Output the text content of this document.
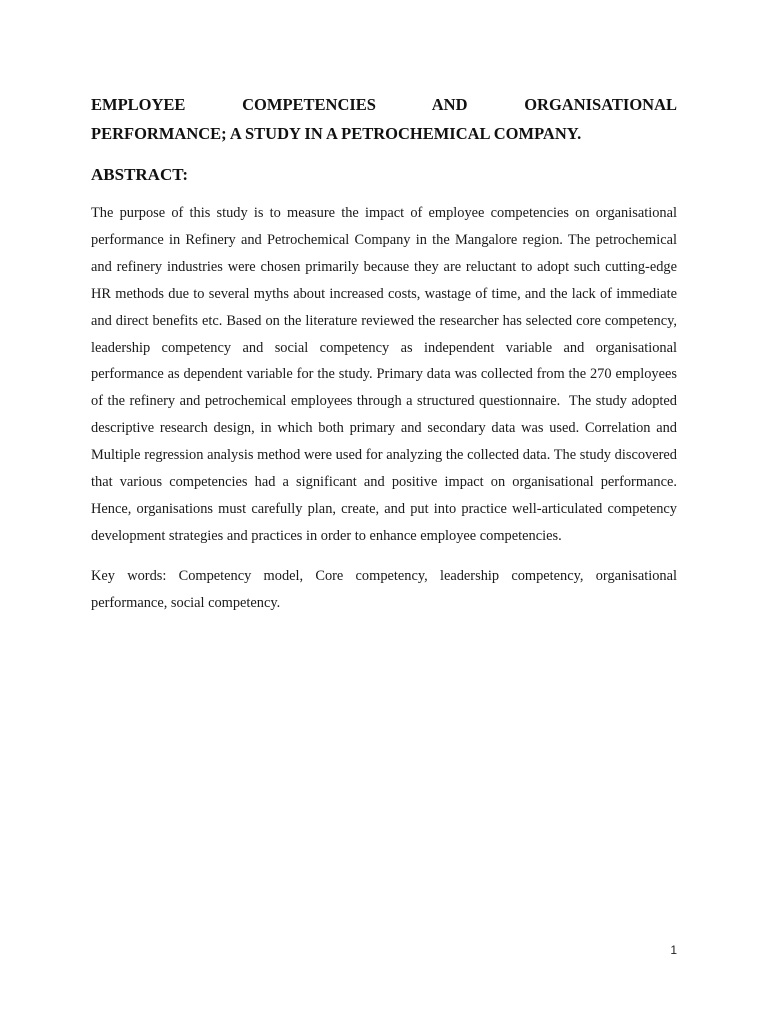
EMPLOYEE COMPETENCIES AND ORGANISATIONAL
PERFORMANCE; A STUDY IN A PETROCHEMICAL COMPANY.
ABSTRACT:

The purpose of this study is to measure the impact of employee competencies on organisational performance in Refinery and Petrochemical Company in the Mangalore region. The petrochemical and refinery industries were chosen primarily because they are reluctant to adopt such cutting-edge HR methods due to several myths about increased costs, wastage of time, and the lack of immediate and direct benefits etc. Based on the literature reviewed the researcher has selected core competency, leadership competency and social competency as independent variable and organisational performance as dependent variable for the study. Primary data was collected from the 270 employees of the refinery and petrochemical employees through a structured questionnaire.  The study adopted descriptive research design, in which both primary and secondary data was used. Correlation and Multiple regression analysis method were used for analyzing the collected data. The study discovered that various competencies had a significant and positive impact on organisational performance. Hence, organisations must carefully plan, create, and put into practice well-articulated competency development strategies and practices in order to enhance employee competencies.

Key words: Competency model, Core competency, leadership competency, organisational performance, social competency.

1
